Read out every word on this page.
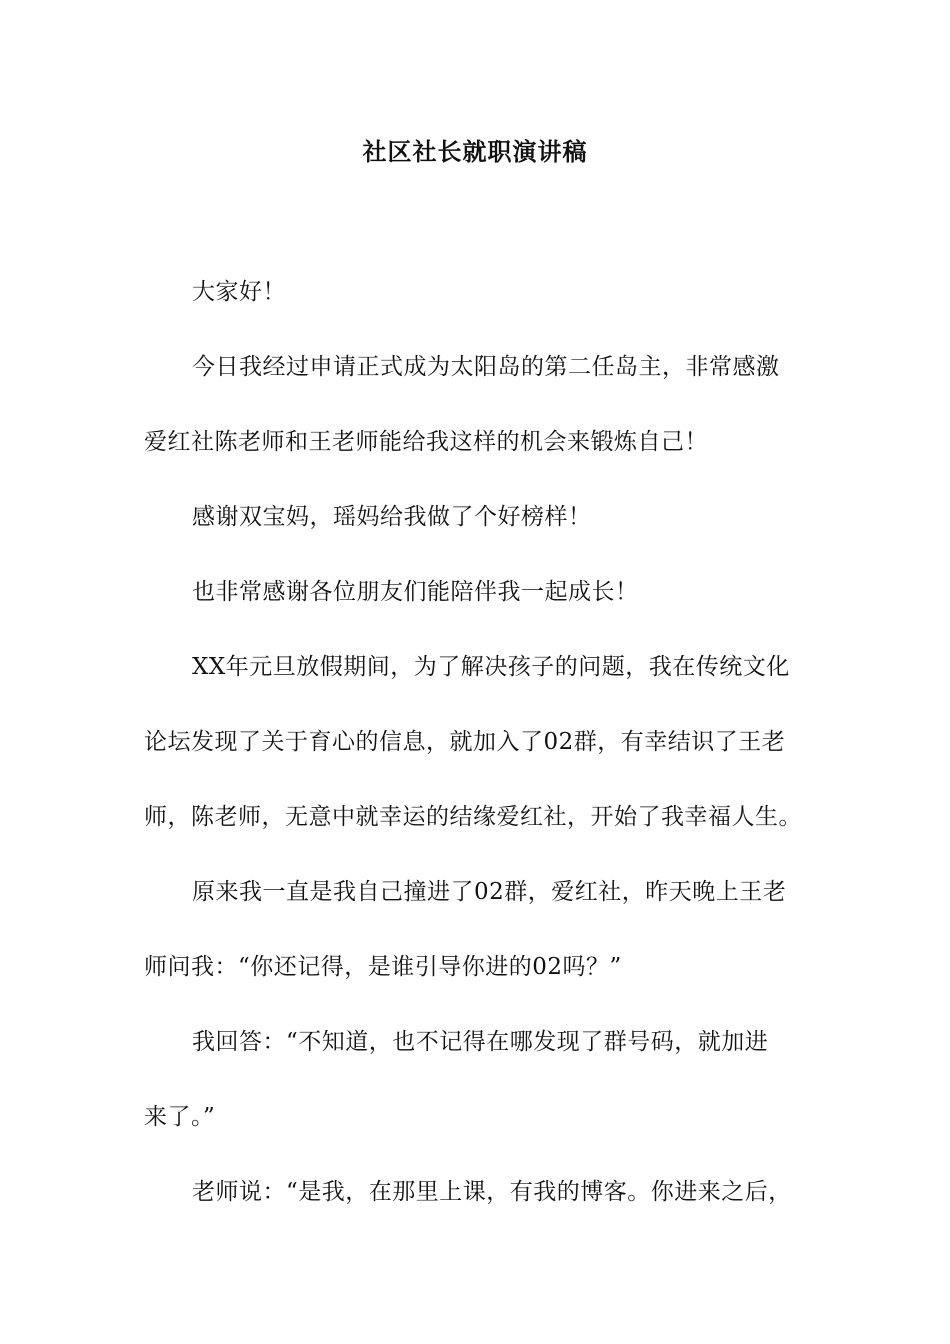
社区社长就职演讲稿

大家好！

今日我经过申请正式成为太阳岛的第二任岛主，非常感激

爱红社陈老师和王老师能给我这样的机会来锻炼自己！

感谢双宝妈，瑶妈给我做了个好榜样！

也非常感谢各位朋友们能陪伴我一起成长！

XX年元旦放假期间，为了解决孩子的问题，我在传统文化

论坛发现了关于育心的信息，就加入了02群，有幸结识了王老

师，陈老师，无意中就幸运的结缘爱红社，开始了我幸福人生。

原来我一直是我自己撞进了02群，爱红社，昨天晚上王老

师问我：“你还记得，是谁引导你进的02吗？”

我回答：“不知道，也不记得在哪发现了群号码，就加进

来了。”

老师说：“是我，在那里上课，有我的博客。你进来之后，
